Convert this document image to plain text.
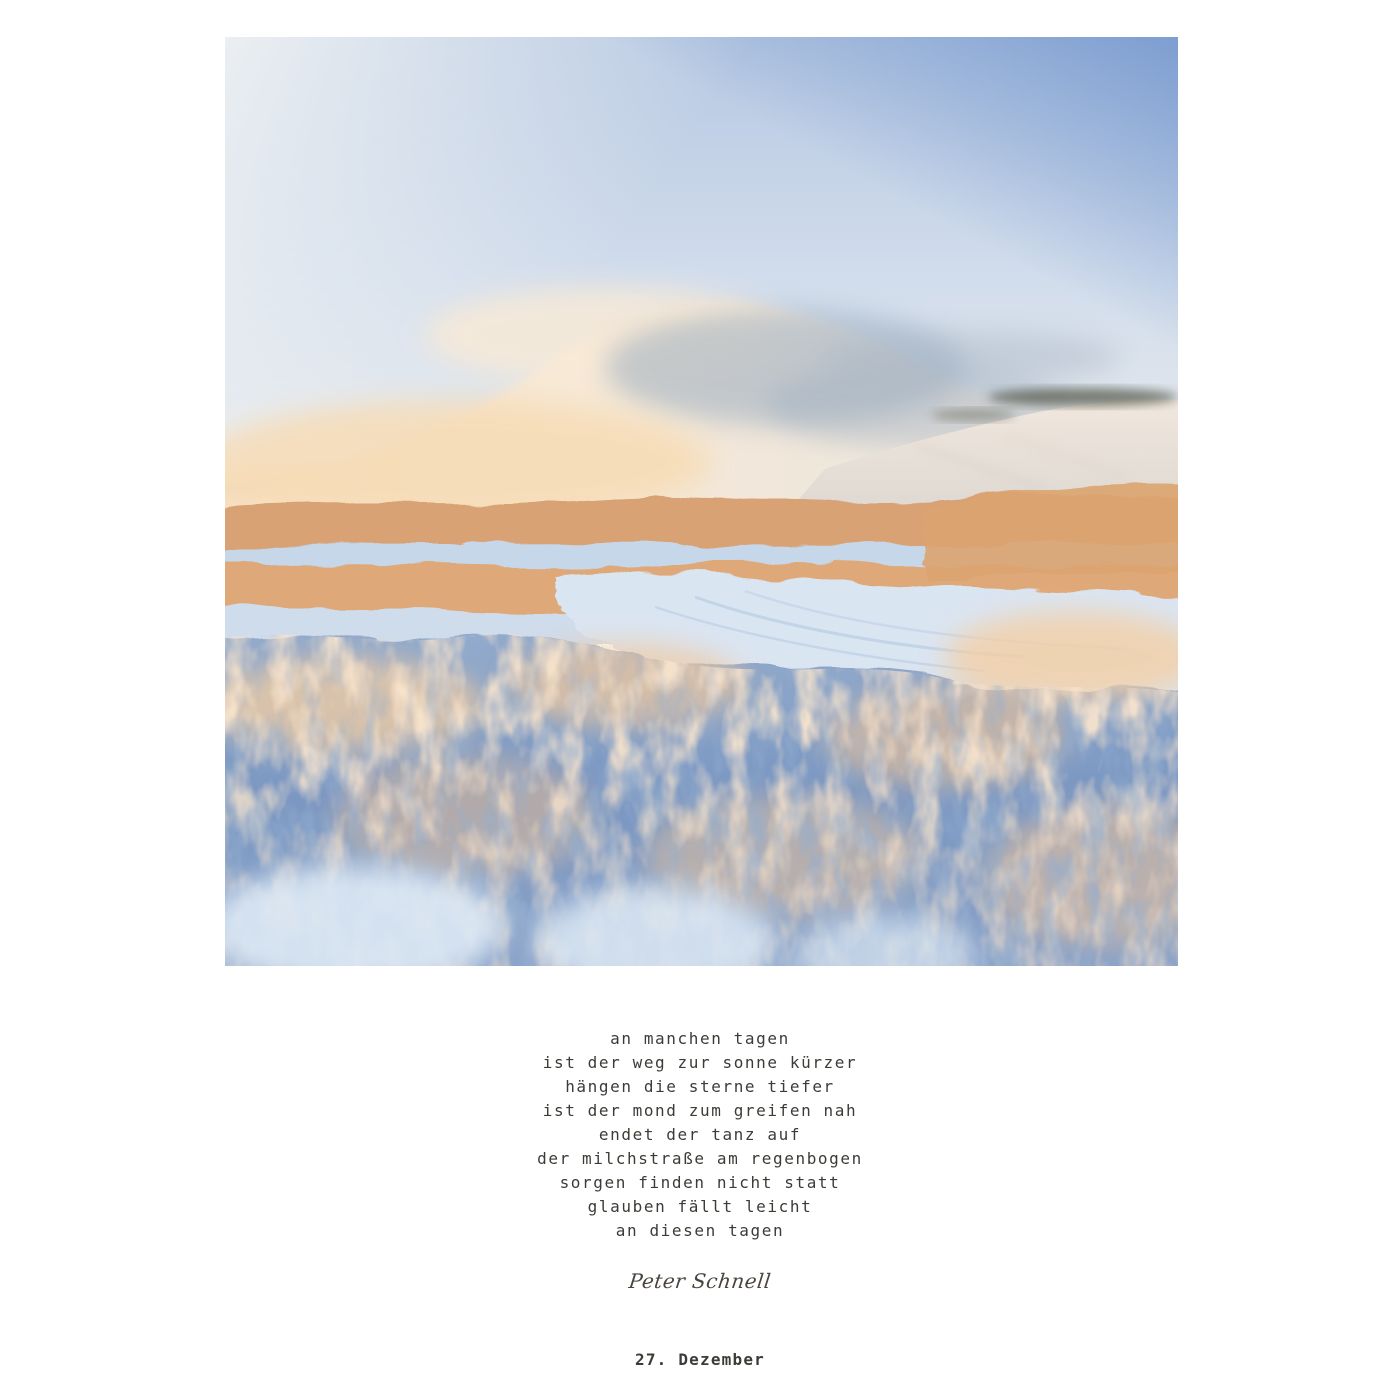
an manchen tagen

ist der weg zur sonne kürzer

hängen die sterne tiefer

ist der mond zum greifen nah

endet der tanz auf

der milchstraße am regenbogen

sorgen finden nicht statt

glauben fällt leicht

an diesen tagen

Peter Schnell
27. Dezember
